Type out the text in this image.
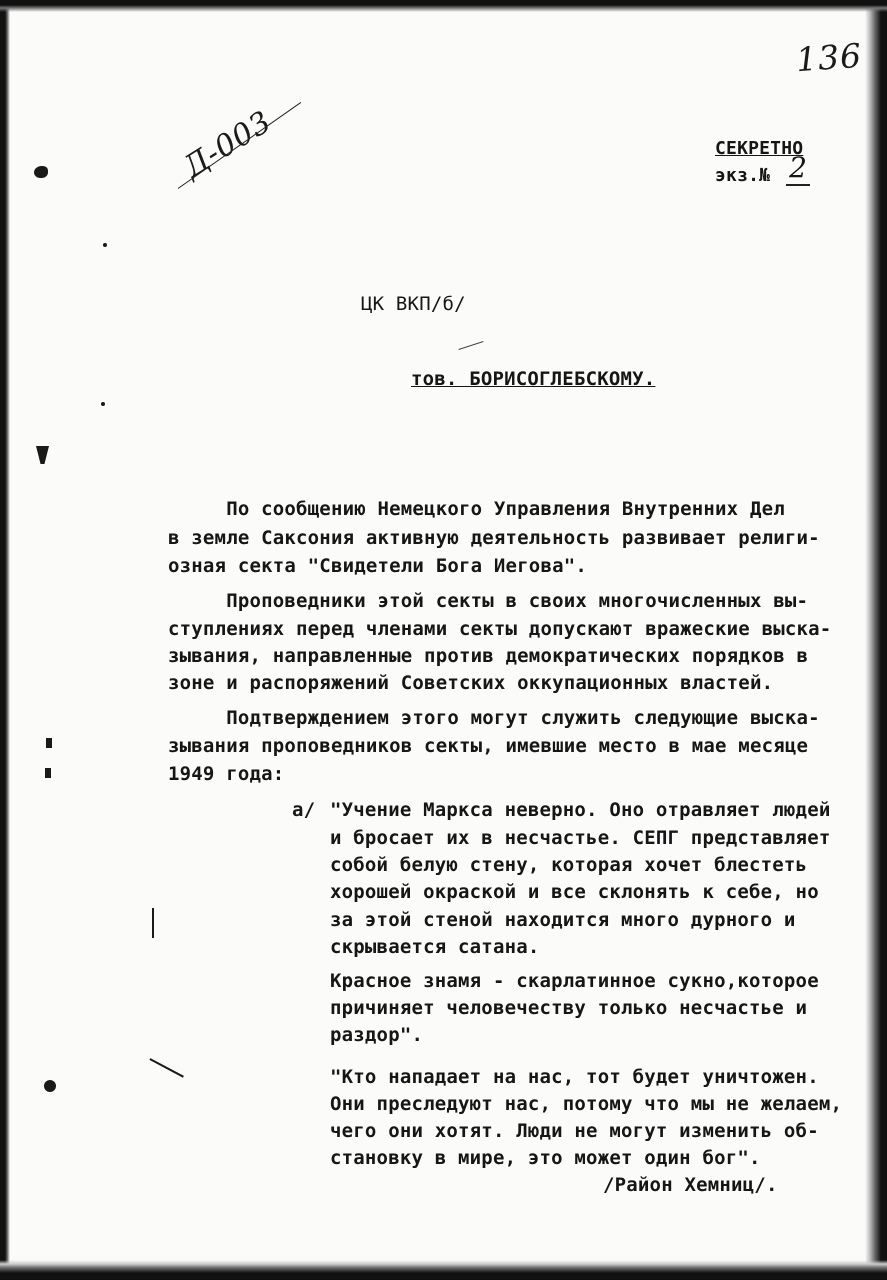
136
Д-003	СЕКРЕТНО
экз.№ 2
ЦК ВКП/б/
тов. БОРИСОГЛЕБСКОМУ.
По сообщению Немецкого Управления Внутренних Дел
в земле Саксония активную деятельность развивает религи-
озная секта "Свидетели Бога Иегова".
Проповедники этой секты в своих многочисленных вы-
ступлениях перед членами секты допускают вражеские выска-
зывания, направленные против демократических порядков в
зоне и распоряжений Советских оккупационных властей.
Подтверждением этого могут служить следующие выска-
зывания проповедников секты, имевшие место в мае месяце
1949 года:
а/ "Учение Маркса неверно. Оно отравляет людей
и бросает их в несчастье. СЕПГ представляет
собой белую стену, которая хочет блестеть
хорошей окраской и все склонять к себе, но
за этой стеной находится много дурного и
скрывается сатана.
Красное знамя - скарлатинное сукно,которое
причиняет человечеству только несчастье и
раздор".
"Кто нападает на нас, тот будет уничтожен.
Они преследуют нас, потому что мы не желаем,
чего они хотят. Люди не могут изменить об-
становку в мире, это может один бог".
/Район Хемниц/.
